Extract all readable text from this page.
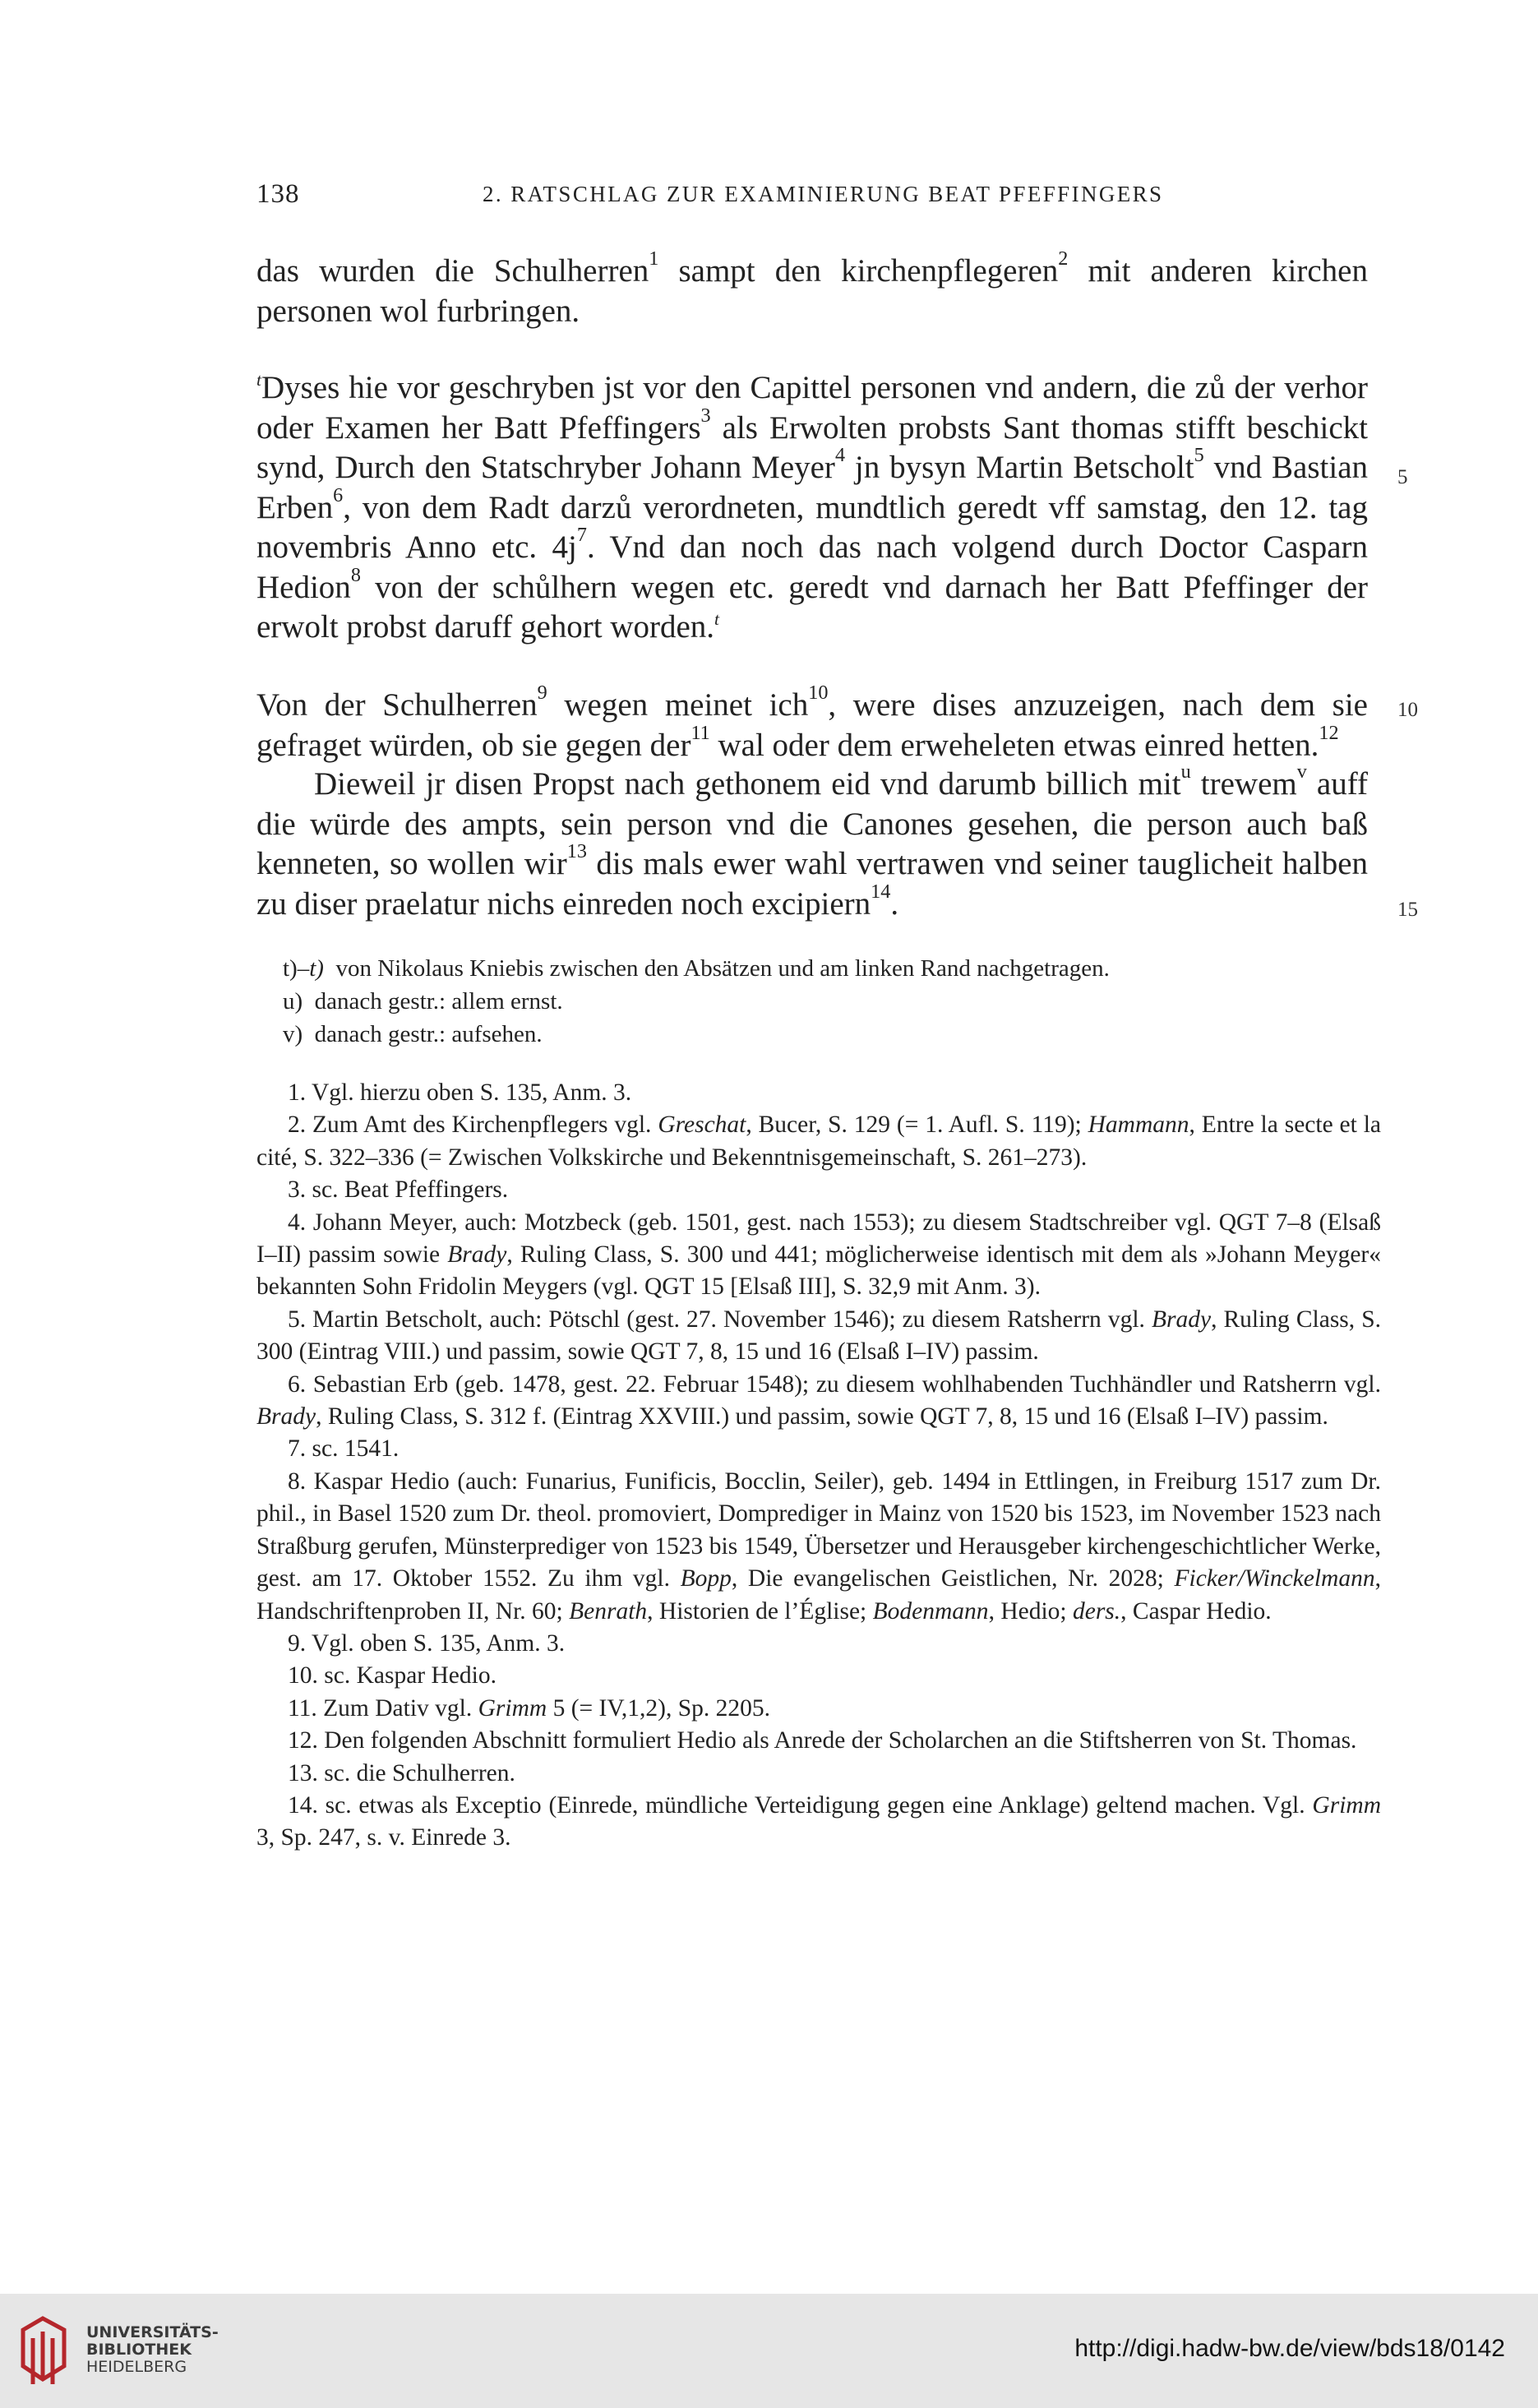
138	2. RATSCHLAG ZUR EXAMINIERUNG BEAT PFEFFINGERS

das wurden die Schulherren$^1$ sampt den kirchenpflegeren$^2$ mit anderen kirchen personen wol furbringen.

$^t$Dyses hie vor geschryben jst vor den Capittel personen vnd andern, die zů der verhor oder Examen her Batt Pfeffingers$^3$ als Erwolten probsts Sant thomas stifft beschickt synd, Durch den Statschryber Johann Meyer$^4$ jn bysyn Martin Betscholt$^5$ vnd Bastian Erben$^6$, von dem Radt darzů verordneten, mundtlich geredt vff samstag, den 12. tag novembris Anno etc. $4j^7$. Vnd dan noch das nach volgend durch Doctor Casparn Hedion$^8$ von der schůlhern wegen etc. geredt vnd darnach her Batt Pfeffinger der erwolt probst daruff gehort worden.$^t$

Von der Schulherren$^9$ wegen meinet ich$^{10}$, were dises anzuzeigen, nach dem sie gefraget würden, ob sie gegen der$^{11}$ wal oder dem erweheleten etwas einred hetten.$^{12}$

Dieweil jr disen Propst nach gethonem eid vnd darumb billich mit$^u$ trewem$^v$ auff die würde des ampts, sein person vnd die Canones gesehen, die person auch baß kenneten, so wollen wir$^{13}$ dis mals ewer wahl vertrawen vnd seiner tauglicheit halben zu diser praelatur nichs einreden noch excipiern$^{14}$.

5
10
15
t)–t) von Nikolaus Kniebis zwischen den Absätzen und am linken Rand nachgetragen.
u) danach gestr.: allem ernst.
v) danach gestr.: aufsehen.

1. Vgl. hierzu oben S. 135, Anm. 3.

2. Zum Amt des Kirchenpflegers vgl. Greschat, Bucer, S. 129 (= 1. Aufl. S. 119); Hammann, Entre la secte et la cité, S. 322–336 (= Zwischen Volkskirche und Bekenntnisgemeinschaft, S. 261–273).

3. sc. Beat Pfeffingers.

4. Johann Meyer, auch: Motzbeck (geb. 1501, gest. nach 1553); zu diesem Stadtschreiber vgl. QGT 7–8 (Elsaß I–II) passim sowie Brady, Ruling Class, S. 300 und 441; möglicherweise identisch mit dem als »Johann Meyger« bekannten Sohn Fridolin Meygers (vgl. QGT 15 [Elsaß III], S. 32,9 mit Anm. 3).

5. Martin Betscholt, auch: Pötschl (gest. 27. November 1546); zu diesem Ratsherrn vgl. Brady, Ruling Class, S. 300 (Eintrag VIII.) und passim, sowie QGT 7, 8, 15 und 16 (Elsaß I–IV) passim.

6. Sebastian Erb (geb. 1478, gest. 22. Februar 1548); zu diesem wohlhabenden Tuchhändler und Ratsherrn vgl. Brady, Ruling Class, S. 312 f. (Eintrag XXVIII.) und passim, sowie QGT 7, 8, 15 und 16 (Elsaß I–IV) passim.

7. sc. 1541.

8. Kaspar Hedio (auch: Funarius, Funificis, Bocclin, Seiler), geb. 1494 in Ettlingen, in Freiburg 1517 zum Dr. phil., in Basel 1520 zum Dr. theol. promoviert, Domprediger in Mainz von 1520 bis 1523, im November 1523 nach Straßburg gerufen, Münsterprediger von 1523 bis 1549, Übersetzer und Herausgeber kirchengeschichtlicher Werke, gest. am 17. Oktober 1552. Zu ihm vgl. Bopp, Die evangelischen Geistlichen, Nr. 2028; Ficker/Winckelmann, Handschriftenproben II, Nr. 60; Benrath, Historien de l’Église; Bodenmann, Hedio; ders., Caspar Hedio.

9. Vgl. oben S. 135, Anm. 3.

10. sc. Kaspar Hedio.

11. Zum Dativ vgl. Grimm 5 (= IV,1,2), Sp. 2205.

12. Den folgenden Abschnitt formuliert Hedio als Anrede der Scholarchen an die Stiftsherren von St. Thomas.

13. sc. die Schulherren.

14. sc. etwas als Exceptio (Einrede, mündliche Verteidigung gegen eine Anklage) geltend machen. Vgl. Grimm 3, Sp. 247, s. v. Einrede 3.

UNIVERSITÄTS-
BIBLIOTHEK
HEIDELBERG
http://digi.hadw-bw.de/view/bds18/0142
